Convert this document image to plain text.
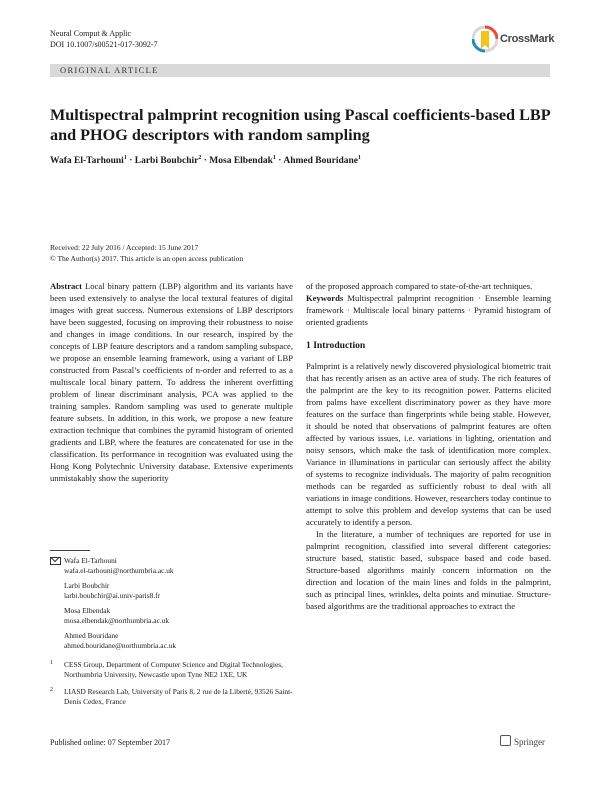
Neural Comput & Applic
DOI 10.1007/s00521-017-3092-7	CrossMark
ORIGINAL ARTICLE
Multispectral palmprint recognition using Pascal coefficients-based LBP and PHOG descriptors with random sampling
Wafa El-Tarhouni$^1$ · Larbi Boubchir$^2$ · Mosa Elbendak$^1$ · Ahmed Bouridane$^1$
Received: 22 July 2016 / Accepted: 15 June 2017
© The Author(s) 2017. This article is an open access publication

Abstract Local binary pattern (LBP) algorithm and its variants have been used extensively to analyse the local textural features of digital images with great success. Numerous extensions of LBP descriptors have been suggested, focusing on improving their robustness to noise and changes in image conditions. In our research, inspired by the concepts of LBP feature descriptors and a random sampling subspace, we propose an ensemble learning framework, using a variant of LBP constructed from Pascal’s coefficients of n-order and referred to as a multiscale local binary pattern. To address the inherent overfitting problem of linear discriminant analysis, PCA was applied to the training samples. Random sampling was used to generate multiple feature subsets. In addition, in this work, we propose a new feature extraction technique that combines the pyramid histogram of oriented gradients and LBP, where the features are concatenated for use in the classification. Its performance in recognition was evaluated using the Hong Kong Polytechnic University database. Extensive experiments unmistakably show the superiority

Wafa El-Tarhouni
wafa.el-tarhouni@northumbria.ac.uk
Larbi Boubchir
larbi.boubchir@ai.univ-paris8.fr
Mosa Elbendak
mosa.elbendak@northumbria.ac.uk
Ahmed Bouridane
ahmed.bouridane@northumbria.ac.uk
1 CESS Group, Department of Computer Science and Digital Technologies, Northumbria University, Newcastle upon Tyne NE2 1XE, UK
2 LIASD Research Lab, University of Paris 8, 2 rue de la Liberté, 93526 Saint-Denis Cedex, France

of the proposed approach compared to state-of-the-art techniques.

Keywords Multispectral palmprint recognition · Ensemble learning framework · Multiscale local binary patterns · Pyramid histogram of oriented gradients

1 Introduction

Palmprint is a relatively newly discovered physiological biometric trait that has recently arisen as an active area of study. The rich features of the palmprint are the key to its recognition power. Patterns elicited from palms have excellent discriminatory power as they have more features on the surface than fingerprints while being stable. However, it should be noted that observations of palmprint features are often affected by various issues, i.e. variations in lighting, orientation and noisy sensors, which make the task of identification more complex. Variance in illuminations in particular can seriously affect the ability of systems to recognize individuals. The majority of palm recognition methods can be regarded as sufficiently robust to deal with all variations in image conditions. However, researchers today continue to attempt to solve this problem and develop systems that can be used accurately to identify a person.

In the literature, a number of techniques are reported for use in palmprint recognition, classified into several different categories: structure based, statistic based, subspace based and code based. Structure-based algorithms mainly concern information on the direction and location of the main lines and folds in the palmprint, such as principal lines, wrinkles, delta points and minutiae. Structure-based algorithms are the traditional approaches to extract the

Published online: 07 September 2017	Springer
